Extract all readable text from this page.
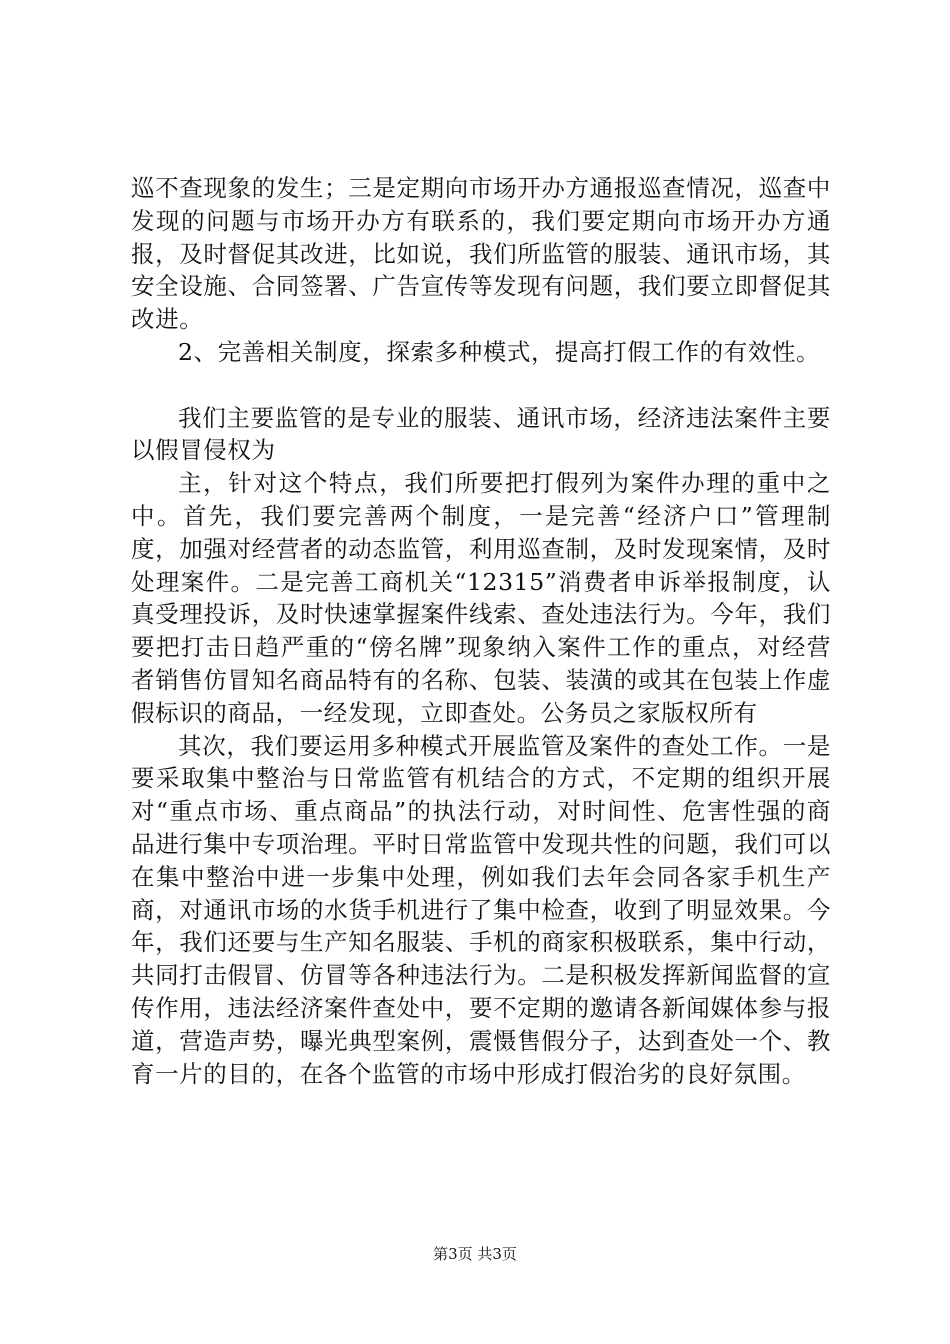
巡不查现象的发生；三是定期向市场开办方通报巡查情况，巡查中发现的问题与市场开办方有联系的，我们要定期向市场开办方通报，及时督促其改进，比如说，我们所监管的服装、通讯市场，其安全设施、合同签署、广告宣传等发现有问题，我们要立即督促其改进。

2、完善相关制度，探索多种模式，提高打假工作的有效性。

我们主要监管的是专业的服装、通讯市场，经济违法案件主要以假冒侵权为

主，针对这个特点，我们所要把打假列为案件办理的重中之中。首先，我们要完善两个制度，一是完善“经济户口”管理制度，加强对经营者的动态监管，利用巡查制，及时发现案情，及时处理案件。二是完善工商机关“12315”消费者申诉举报制度，认真受理投诉，及时快速掌握案件线索、查处违法行为。今年，我们要把打击日趋严重的“傍名牌”现象纳入案件工作的重点，对经营者销售仿冒知名商品特有的名称、包装、装潢的或其在包装上作虚假标识的商品，一经发现，立即查处。公务员之家版权所有

其次，我们要运用多种模式开展监管及案件的查处工作。一是要采取集中整治与日常监管有机结合的方式，不定期的组织开展对“重点市场、重点商品”的执法行动，对时间性、危害性强的商品进行集中专项治理。平时日常监管中发现共性的问题，我们可以在集中整治中进一步集中处理，例如我们去年会同各家手机生产商，对通讯市场的水货手机进行了集中检查，收到了明显效果。今年，我们还要与生产知名服装、手机的商家积极联系，集中行动，共同打击假冒、仿冒等各种违法行为。二是积极发挥新闻监督的宣传作用，违法经济案件查处中，要不定期的邀请各新闻媒体参与报道，营造声势，曝光典型案例，震慑售假分子，达到查处一个、教育一片的目的，在各个监管的市场中形成打假治劣的良好氛围。

第3页 共3页
